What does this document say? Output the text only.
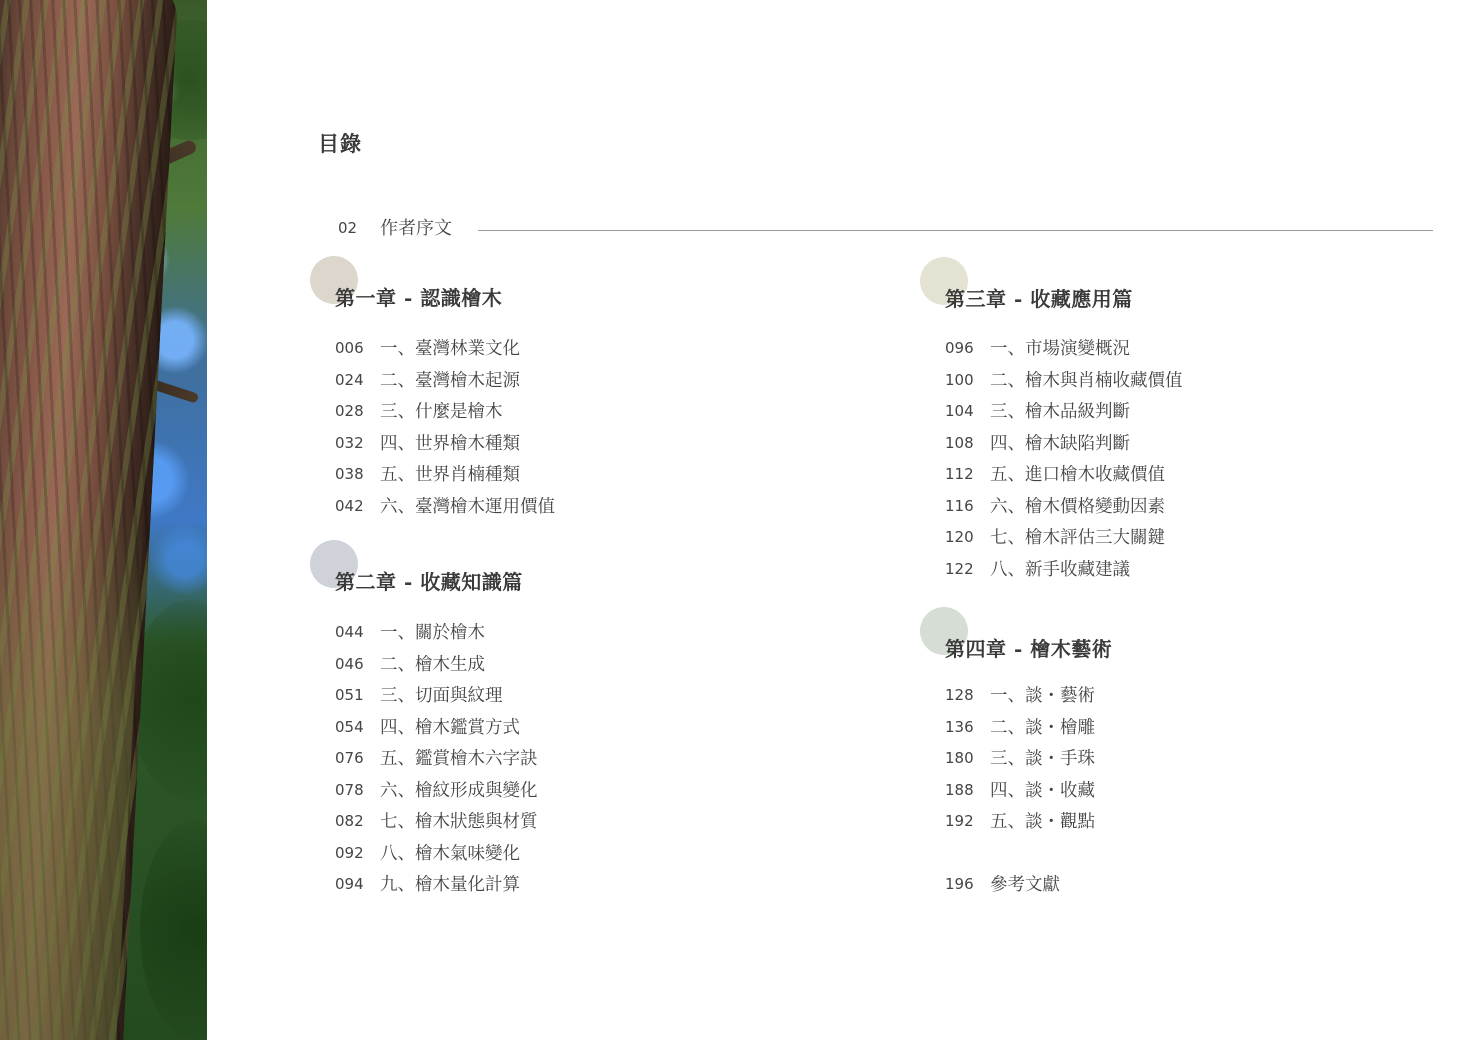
目錄
02 作者序文
第一章 - 認識檜木
006 一、臺灣林業文化
024 二、臺灣檜木起源
028 三、什麼是檜木
032 四、世界檜木種類
038 五、世界肖楠種類
042 六、臺灣檜木運用價值
第二章 - 收藏知識篇
044 一、關於檜木
046 二、檜木生成
051 三、切面與紋理
054 四、檜木鑑賞方式
076 五、鑑賞檜木六字訣
078 六、檜紋形成與變化
082 七、檜木狀態與材質
092 八、檜木氣味變化
094 九、檜木量化計算
第三章 - 收藏應用篇
096 一、市場演變概況
100 二、檜木與肖楠收藏價值
104 三、檜木品級判斷
108 四、檜木缺陷判斷
112 五、進口檜木收藏價值
116 六、檜木價格變動因素
120 七、檜木評估三大關鍵
122 八、新手收藏建議
第四章 - 檜木藝術
128 一、談・藝術
136 二、談・檜雕
180 三、談・手珠
188 四、談・收藏
192 五、談・觀點
196 參考文獻
